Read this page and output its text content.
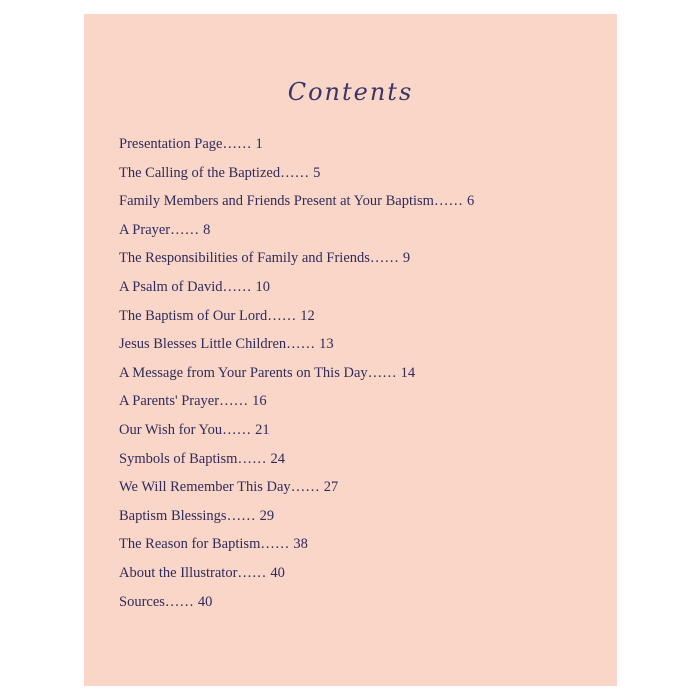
Contents
Presentation Page…… 1
The Calling of the Baptized…… 5
Family Members and Friends Present at Your Baptism…… 6
A Prayer…… 8
The Responsibilities of Family and Friends…… 9
A Psalm of David…… 10
The Baptism of Our Lord…… 12
Jesus Blesses Little Children…… 13
A Message from Your Parents on This Day…… 14
A Parents' Prayer…… 16
Our Wish for You…… 21
Symbols of Baptism…… 24
We Will Remember This Day…… 27
Baptism Blessings…… 29
The Reason for Baptism…… 38
About the Illustrator…… 40
Sources…… 40
